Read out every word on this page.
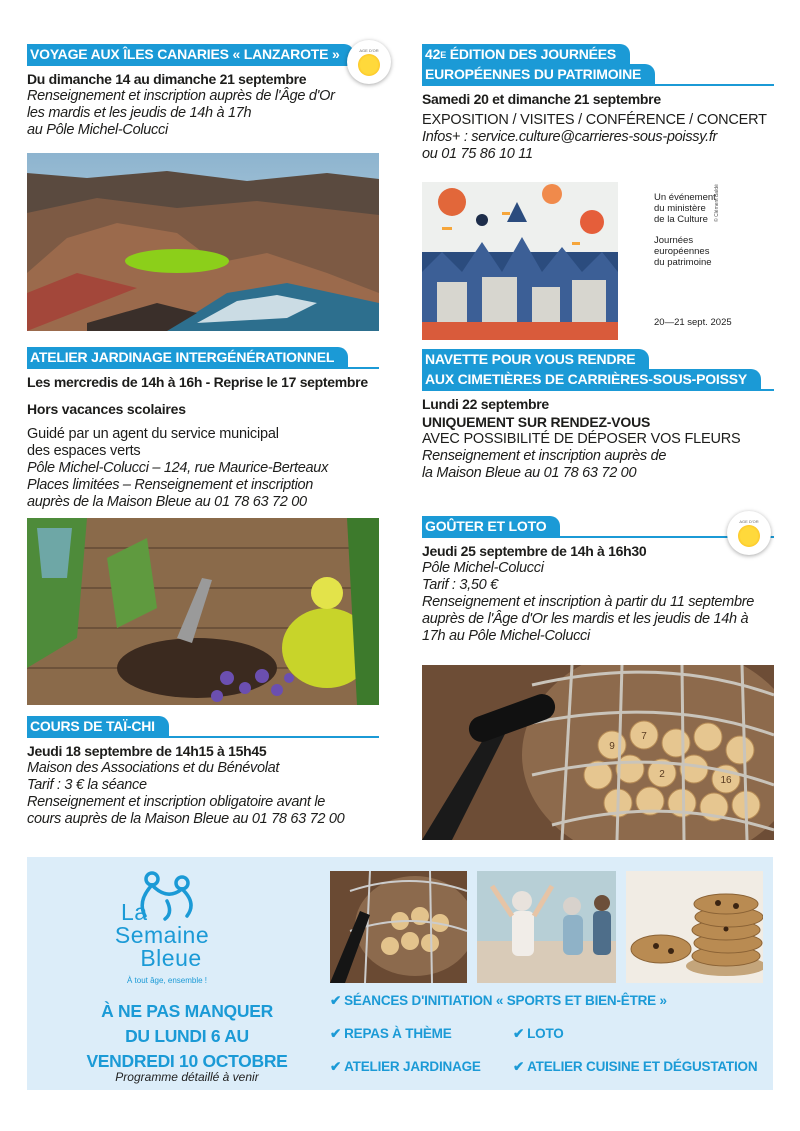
VOYAGE AUX ÎLES CANARIES « LANZAROTE »
Du dimanche 14 au dimanche 21 septembre
Renseignement et inscription auprès de l'Âge d'Or
les mardis et les jeudis de 14h à 17h
au Pôle Michel-Colucci
AGE D'OR
ATELIER JARDINAGE INTERGÉNÉRATIONNEL
Les mercredis de 14h à 16h - Reprise le 17 septembre
Hors vacances scolaires
Guidé par un agent du service municipal
des espaces verts
Pôle Michel-Colucci – 124, rue Maurice-Berteaux
Places limitées – Renseignement et inscription
auprès de la Maison Bleue au 01 78 63 72 00
COURS DE TAÏ-CHI
Jeudi 18 septembre de 14h15 à 15h45
Maison des Associations et du Bénévolat
Tarif : 3 € la séance
Renseignement et inscription obligatoire avant le
cours auprès de la Maison Bleue au 01 78 63 72 00
$42^E$ ÉDITION DES JOURNÉES
EUROPÉENNES DU PATRIMOINE
Samedi 20 et dimanche 21 septembre
EXPOSITION / VISITES / CONFÉRENCE / CONCERT
Infos+ : service.culture@carrieres-sous-poissy.fr
ou 01 75 86 10 11
Un événement
du ministère
de la Culture
Journées
européennes
du patrimoine
20—21 sept. 2025
© Clément Baldé
NAVETTE POUR VOUS RENDRE
AUX CIMETIÈRES DE CARRIÈRES-SOUS-POISSY
Lundi 22 septembre
UNIQUEMENT SUR RENDEZ-VOUS
AVEC POSSIBILITÉ DE DÉPOSER VOS FLEURS
Renseignement et inscription auprès de
la Maison Bleue au 01 78 63 72 00
GOÛTER ET LOTO
Jeudi 25 septembre de 14h à 16h30
Pôle Michel-Colucci
Tarif : 3,50 €
Renseignement et inscription à partir du 11 septembre
auprès de l'Âge d'Or les mardis et les jeudis de 14h à
17h au Pôle Michel-Colucci
AGE D'OR
7
16
2
9
La
Semaine
Bleue
À tout âge, ensemble !
À NE PAS MANQUER
DU LUNDI 6 AU
VENDREDI 10 OCTOBRE
Programme détaillé à venir
✔ SÉANCES D'INITIATION « SPORTS ET BIEN-ÊTRE »
✔ REPAS À THÈME	✔ LOTO
✔ ATELIER JARDINAGE ✔ ATELIER CUISINE ET DÉGUSTATION
